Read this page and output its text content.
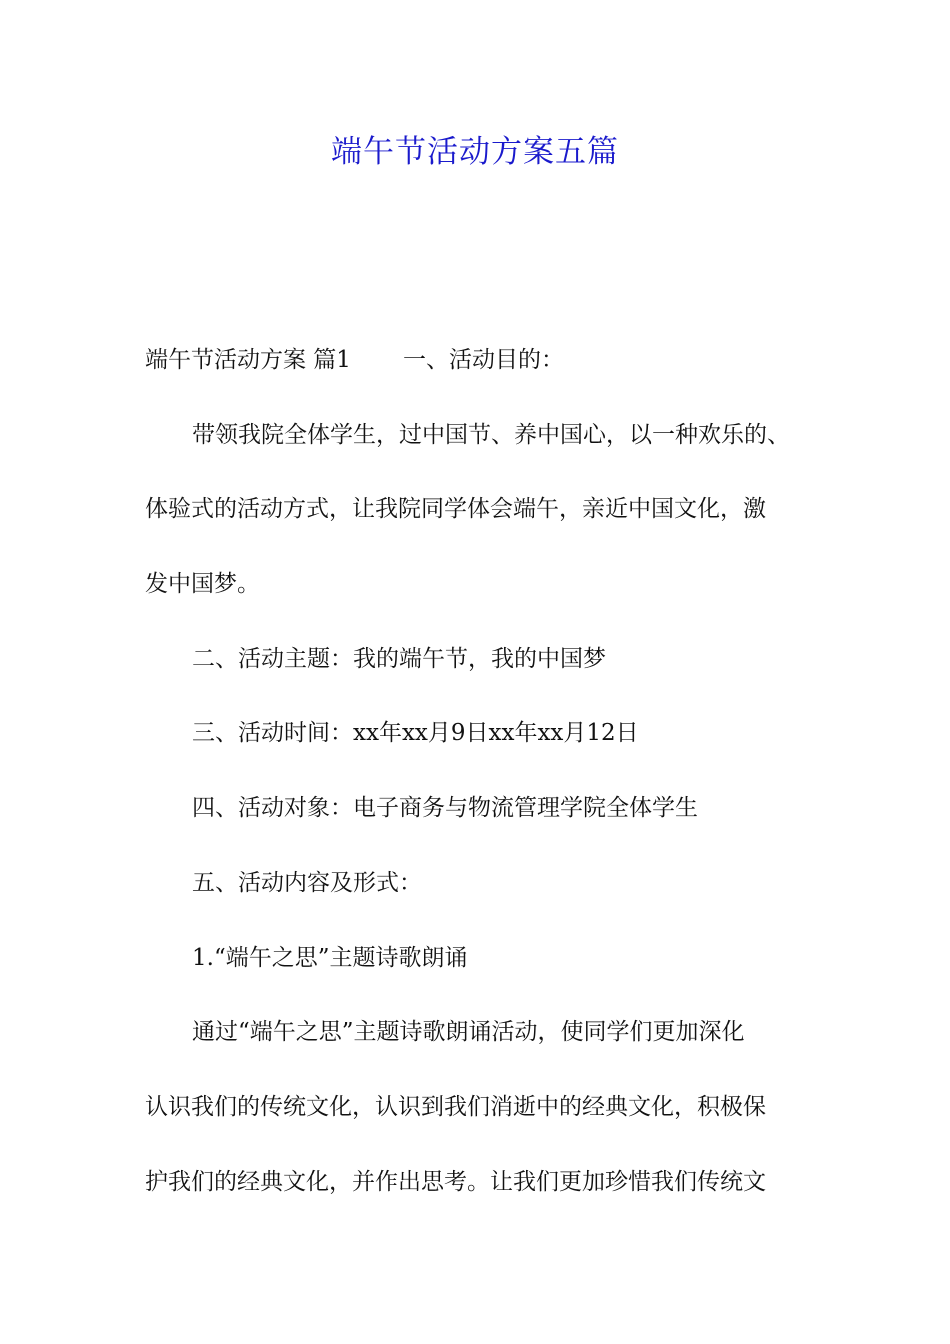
端午节活动方案五篇
端午节活动方案 篇1 一、活动目的：
带领我院全体学生，过中国节、养中国心，以一种欢乐的、
体验式的活动方式，让我院同学体会端午，亲近中国文化，激
发中国梦。
二、活动主题：我的端午节，我的中国梦
三、活动时间：xx年xx月9日xx年xx月12日
四、活动对象：电子商务与物流管理学院全体学生
五、活动内容及形式：
1.“端午之思”主题诗歌朗诵
通过“端午之思”主题诗歌朗诵活动，使同学们更加深化
认识我们的传统文化，认识到我们消逝中的经典文化，积极保
护我们的经典文化，并作出思考。让我们更加珍惜我们传统文
